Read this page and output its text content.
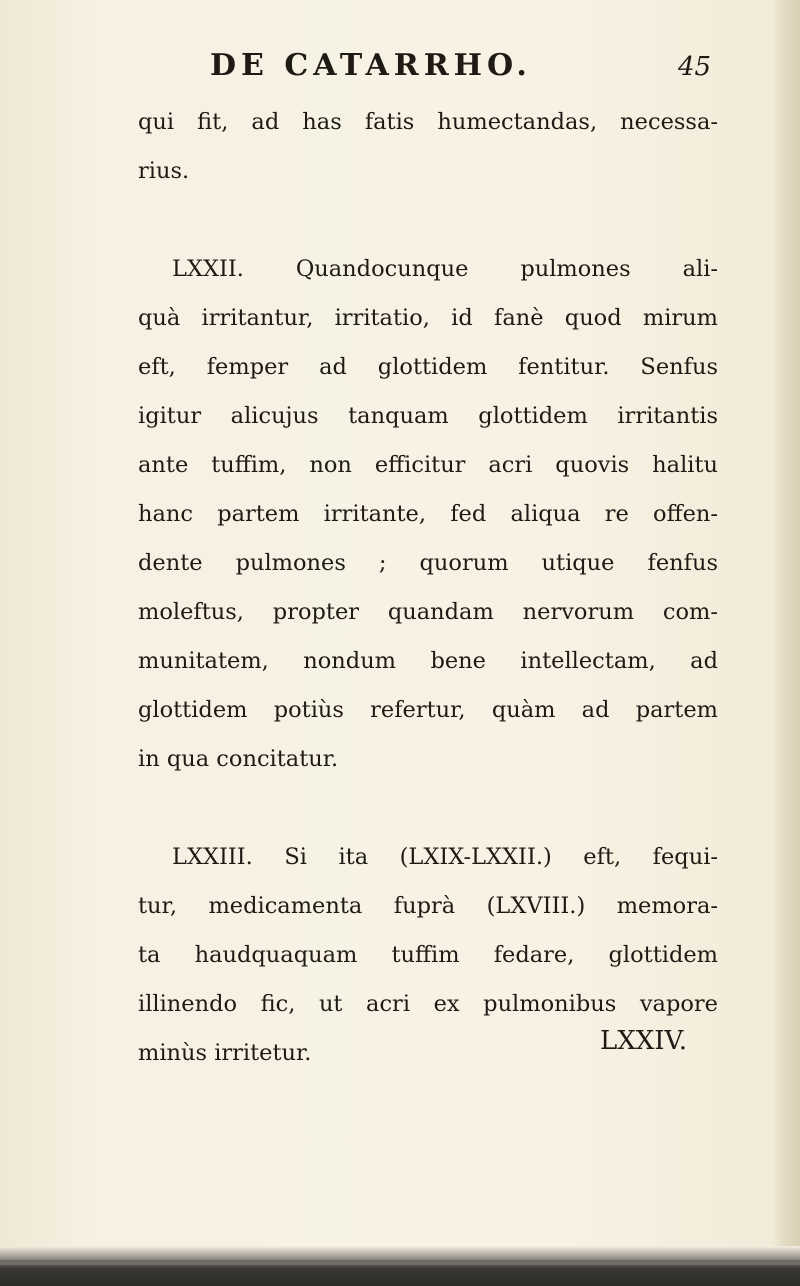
DE CATARRHO.	45
qui fit, ad has fatis humectandas, necessa-
rius.
LXXII. Quandocunque pulmones ali-
quà irritantur, irritatio, id fanè quod mirum
eft, femper ad glottidem fentitur. Senfus
igitur alicujus tanquam glottidem irritantis
ante tuffim, non efficitur acri quovis halitu
hanc partem irritante, fed aliqua re offen-
dente pulmones ; quorum utique fenfus
moleftus, propter quandam nervorum com-
munitatem, nondum bene intellectam, ad
glottidem potiùs refertur, quàm ad partem
in qua concitatur.
LXXIII. Si ita (LXIX-LXXII.) eft, fequi-
tur, medicamenta fuprà (LXVIII.) memora-
ta haudquaquam tuffim fedare, glottidem
illinendo fic, ut acri ex pulmonibus vapore
minùs irritetur.	LXXIV.
